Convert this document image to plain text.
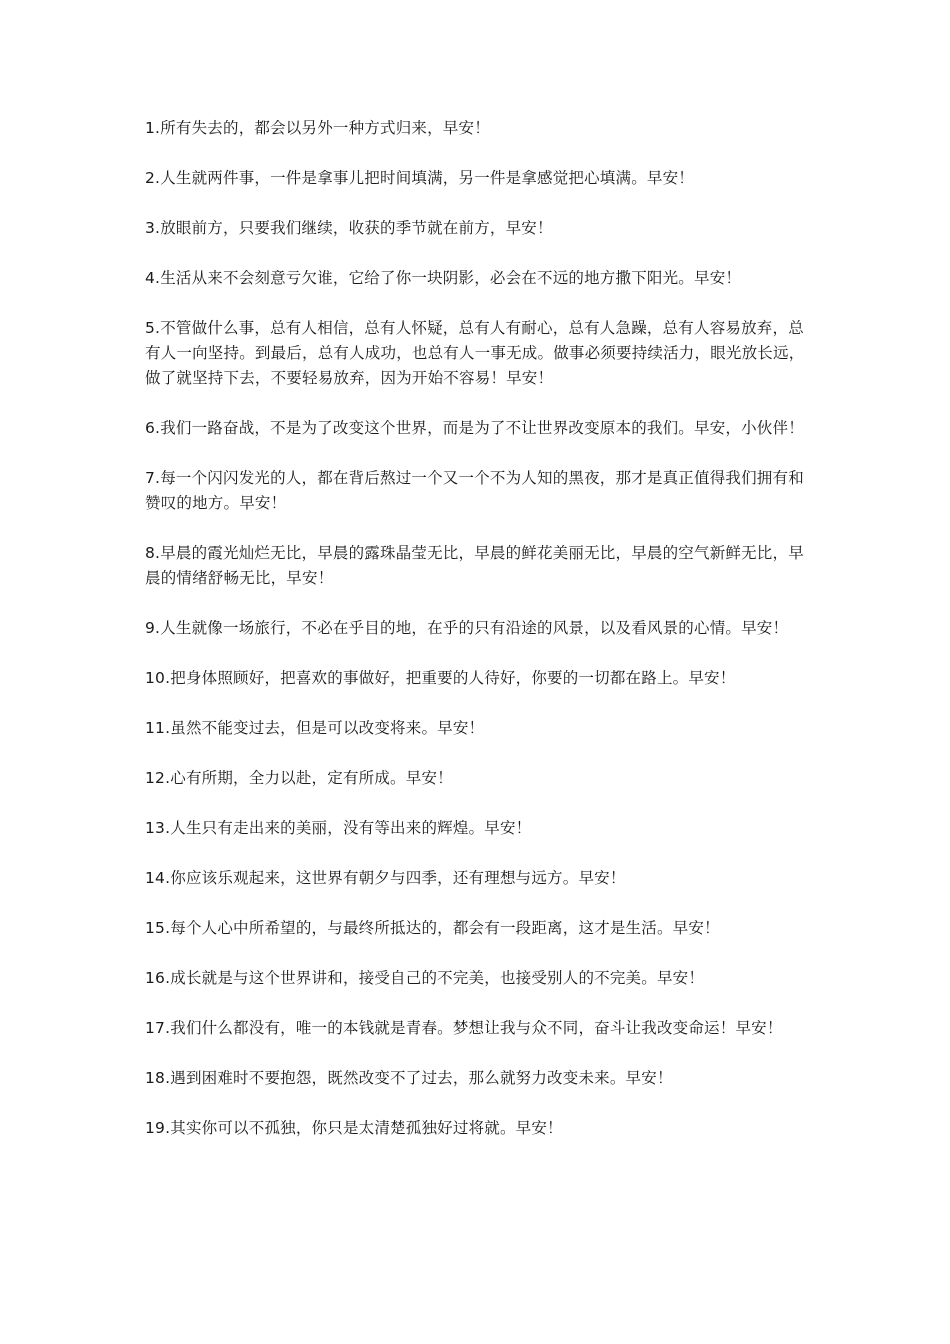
1.所有失去的，都会以另外一种方式归来，早安！

2.人生就两件事，一件是拿事儿把时间填满，另一件是拿感觉把心填满。早安！

3.放眼前方，只要我们继续，收获的季节就在前方，早安！

4.生活从来不会刻意亏欠谁，它给了你一块阴影，必会在不远的地方撒下阳光。早安！

5.不管做什么事，总有人相信，总有人怀疑，总有人有耐心，总有人急躁，总有人容易放弃，总有人一向坚持。到最后，总有人成功，也总有人一事无成。做事必须要持续活力，眼光放长远，做了就坚持下去，不要轻易放弃，因为开始不容易！早安！

6.我们一路奋战，不是为了改变这个世界，而是为了不让世界改变原本的我们。早安，小伙伴！

7.每一个闪闪发光的人，都在背后熬过一个又一个不为人知的黑夜，那才是真正值得我们拥有和赞叹的地方。早安！

8.早晨的霞光灿烂无比，早晨的露珠晶莹无比，早晨的鲜花美丽无比，早晨的空气新鲜无比，早晨的情绪舒畅无比，早安！

9.人生就像一场旅行，不必在乎目的地，在乎的只有沿途的风景，以及看风景的心情。早安！

10.把身体照顾好，把喜欢的事做好，把重要的人待好，你要的一切都在路上。早安！

11.虽然不能变过去，但是可以改变将来。早安！

12.心有所期，全力以赴，定有所成。早安！

13.人生只有走出来的美丽，没有等出来的辉煌。早安！

14.你应该乐观起来，这世界有朝夕与四季，还有理想与远方。早安！

15.每个人心中所希望的，与最终所抵达的，都会有一段距离，这才是生活。早安！

16.成长就是与这个世界讲和，接受自己的不完美，也接受别人的不完美。早安！

17.我们什么都没有，唯一的本钱就是青春。梦想让我与众不同，奋斗让我改变命运！早安！

18.遇到困难时不要抱怨，既然改变不了过去，那么就努力改变未来。早安！

19.其实你可以不孤独，你只是太清楚孤独好过将就。早安！
